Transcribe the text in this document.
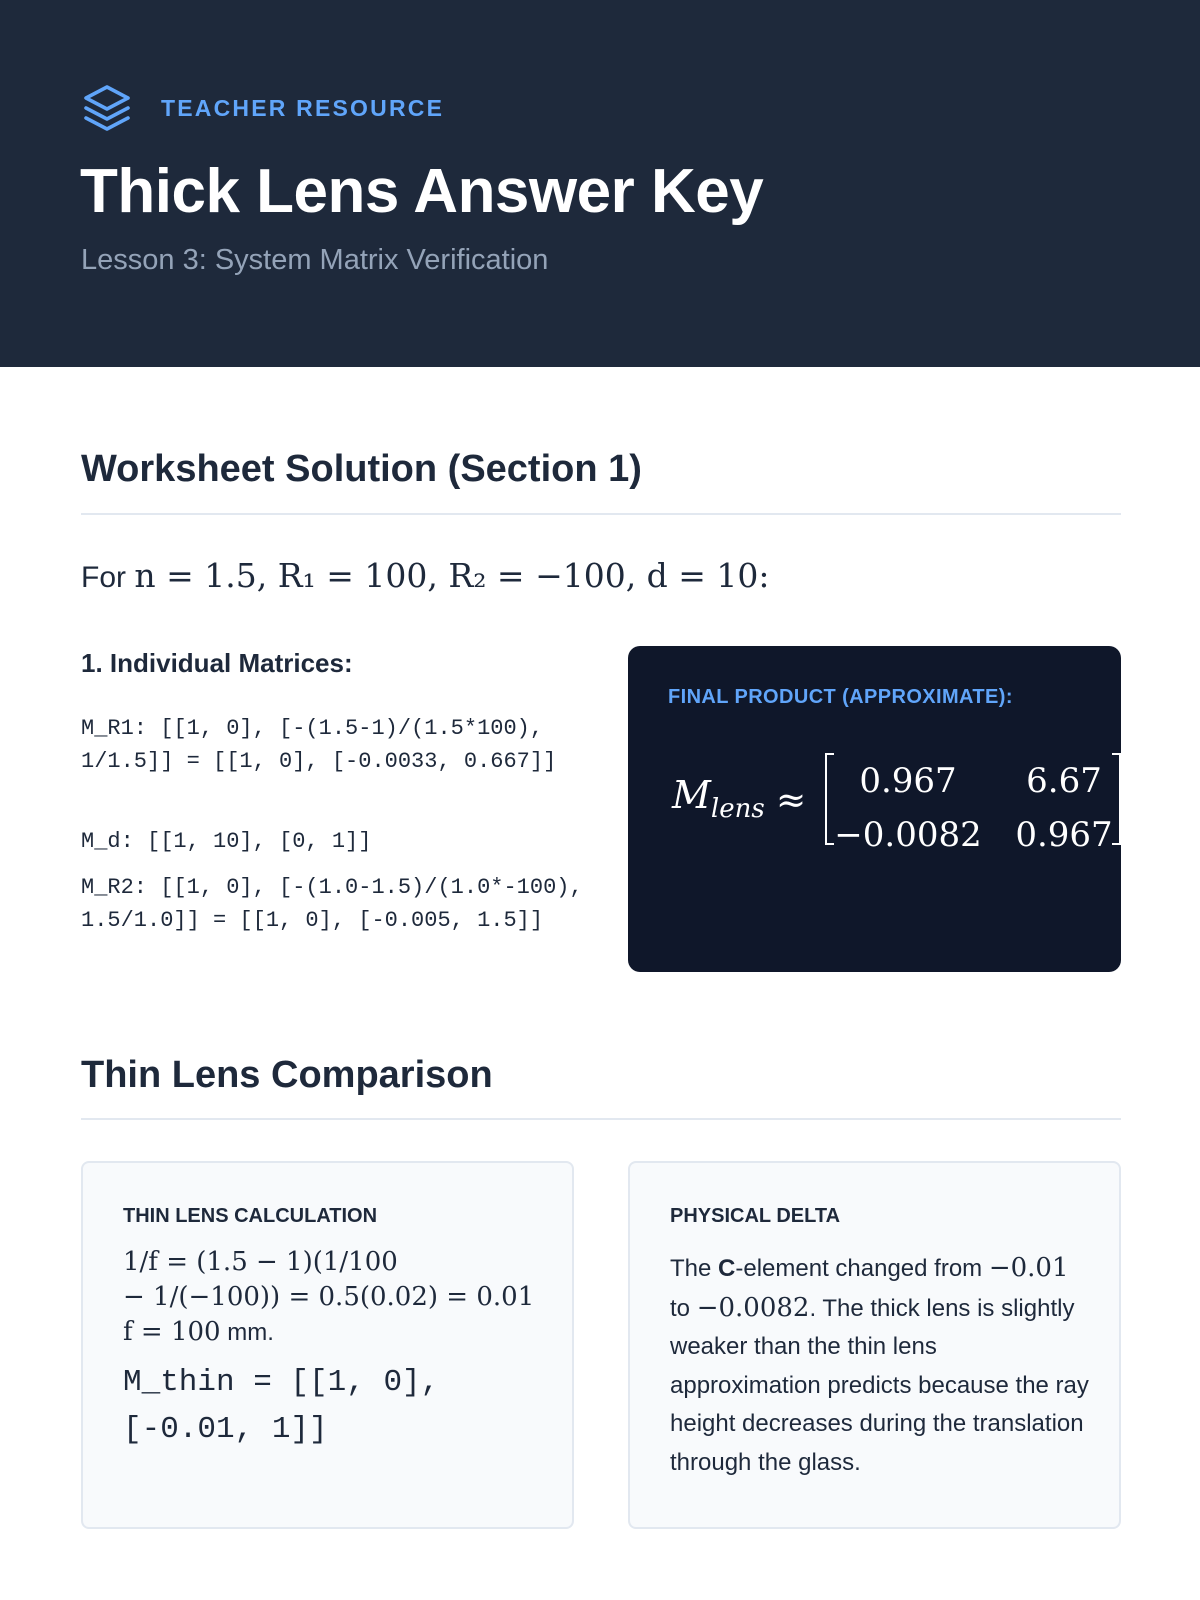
TEACHER RESOURCE
Thick Lens Answer Key
Lesson 3: System Matrix Verification
Worksheet Solution (Section 1)
For n = 1.5, R₁ = 100, R₂ = −100, d = 10:
1. Individual Matrices:
M_R1: [[1, 0], [-(1.5-1)/(1.5*100), 1/1.5]] = [[1, 0], [-0.0033, 0.667]]
M_d: [[1, 10], [0, 1]]
M_R2: [[1, 0], [-(1.0-1.5)/(1.0*-100), 1.5/1.0]] = [[1, 0], [-0.005, 1.5]]
FINAL PRODUCT (APPROXIMATE):
$M_{lens} \approx 0.967$ 6.67
−0.0082 0.967
Thin Lens Comparison
THIN LENS CALCULATION
1/f = (1.5 − 1)(1/100
− 1/(−100)) = 0.5(0.02) = 0.01
f = 100 mm.
M_thin = [[1, 0], [-0.01, 1]]
PHYSICAL DELTA
The C-element changed from −0.01 to −0.0082. The thick lens is slightly weaker than the thin lens approximation predicts because the ray height decreases during the translation through the glass.
